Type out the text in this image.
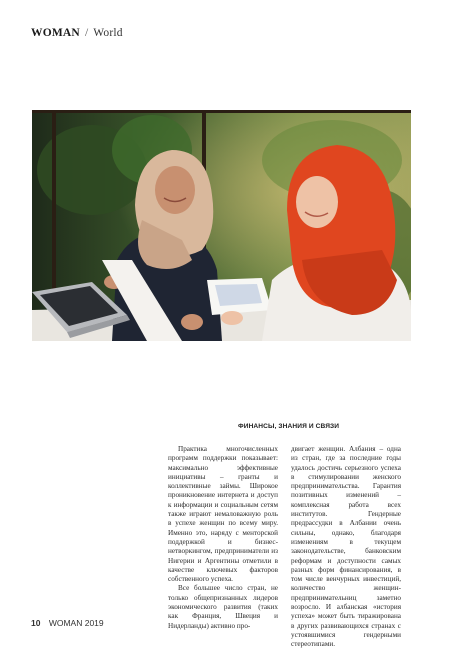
WOMAN / World
ФИНАНСЫ, ЗНАНИЯ И СВЯЗИ

Практика многочисленных программ поддержки показывает: максимально эффективные инициативы – гранты и коллективные займы. Широкое проникновение интернета и доступ к информации и социальным сетям также играют немаловажную роль в успехе женщин по всему миру. Именно это, наряду с менторской поддержкой и бизнес-нетворкингом, предприниматели из Нигерии и Аргентины отметили в качестве ключевых факторов собственного успеха.

Все большее число стран, не только общепризнанных лидеров экономического развития (таких как Франция, Швеция и Нидерланды) активно про-

двигает женщин. Албания – одна из стран, где за последние годы удалось достичь серьезного успеха в стимулировании женского предпринимательства. Гарантия позитивных изменений – комплексная работа всех институтов. Гендерные предрассудки в Албании очень сильны, однако, благодаря изменениям в текущем законодательстве, банковским реформам и доступности самых разных форм финансирования, в том числе венчурных инвестиций, количество женщин-предпринимательниц заметно возросло. И албанская «история успеха» может быть тиражирована в других развивающихся странах с устоявшимися гендерными стереотипами.

10 WOMAN 2019
